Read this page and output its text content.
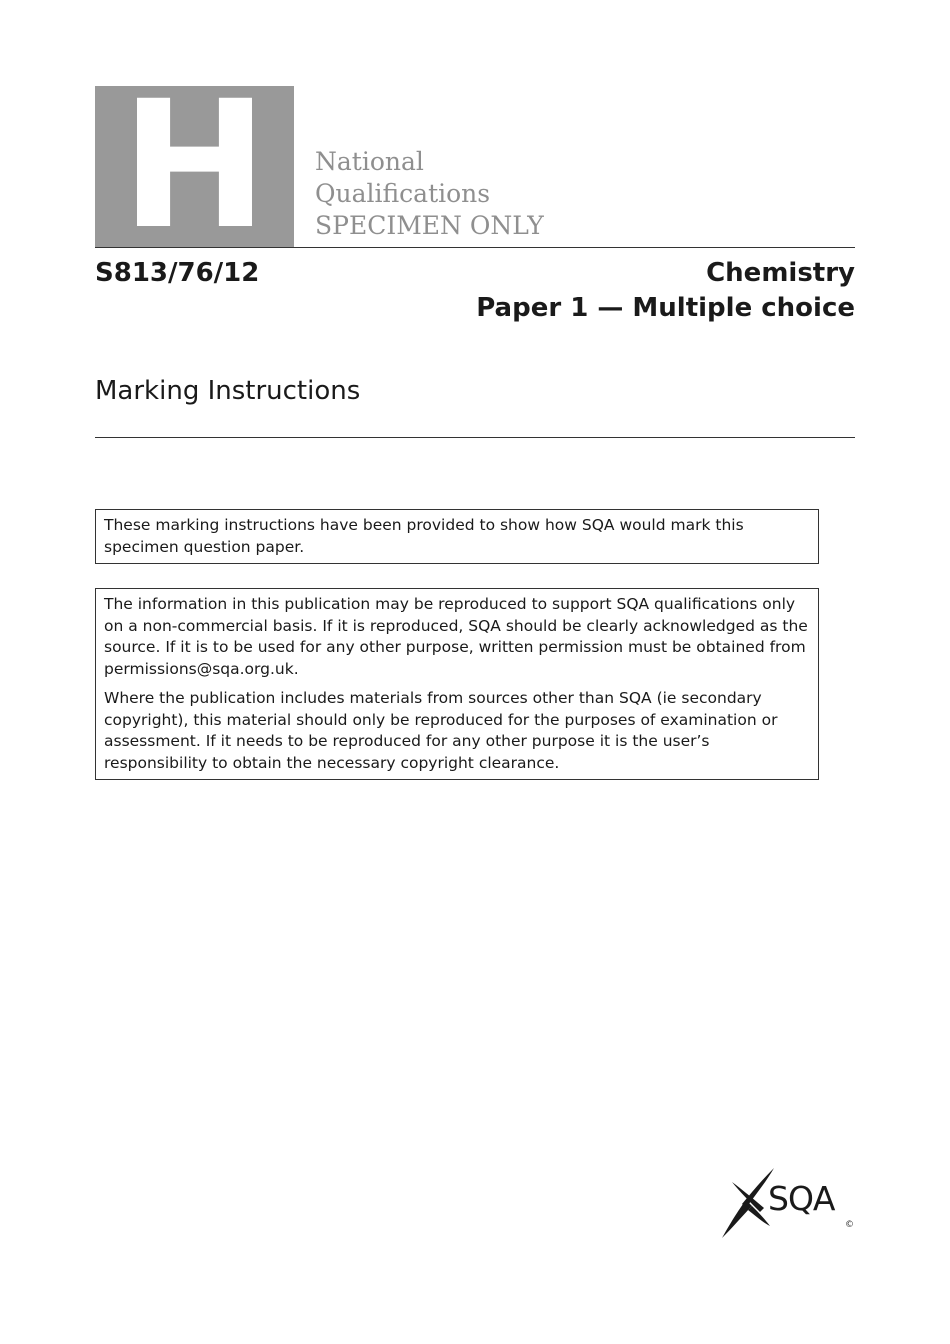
H	National
Qualifications
SPECIMEN ONLY
S813/76/12	Chemistry
Paper 1 — Multiple choice
Marking Instructions

These marking instructions have been provided to show how SQA would mark this specimen question paper.

The information in this publication may be reproduced to support SQA qualifications only on a non-commercial basis. If it is reproduced, SQA should be clearly acknowledged as the source. If it is to be used for any other purpose, written permission must be obtained from permissions@sqa.org.uk.

Where the publication includes materials from sources other than SQA (ie secondary copyright), this material should only be reproduced for the purposes of examination or assessment. If it needs to be reproduced for any other purpose it is the user’s responsibility to obtain the necessary copyright clearance.

SQA
©
